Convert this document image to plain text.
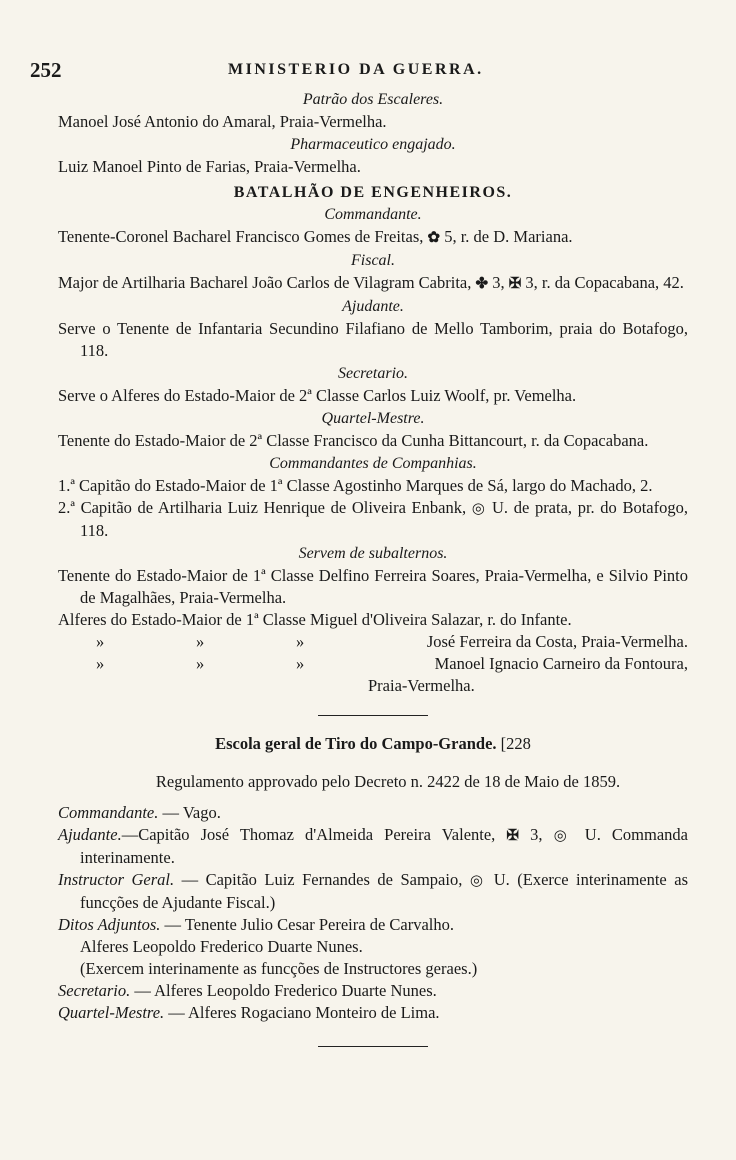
252	MINISTERIO DA GUERRA.
Patrão dos Escaleres.

Manoel José Antonio do Amaral, Praia-Vermelha.

Pharmaceutico engajado.

Luiz Manoel Pinto de Farias, Praia-Vermelha.

BATALHÃO DE ENGENHEIROS.
Commandante.

Tenente-Coronel Bacharel Francisco Gomes de Freitas, ✿ 5, r. de D. Mariana.

Fiscal.

Major de Artilharia Bacharel João Carlos de Vilagram Cabrita, ✤ 3, ✠ 3, r. da Copacabana, 42.

Ajudante.

Serve o Tenente de Infantaria Secundino Filafiano de Mello Tamborim, praia do Botafogo, 118.

Secretario.

Serve o Alferes do Estado-Maior de 2ª Classe Carlos Luiz Woolf, pr. Vemelha.

Quartel-Mestre.

Tenente do Estado-Maior de 2ª Classe Francisco da Cunha Bittancourt, r. da Copacabana.

Commandantes de Companhias.

1.ª Capitão do Estado-Maior de 1ª Classe Agostinho Marques de Sá, largo do Machado, 2.

2.ª Capitão de Artilharia Luiz Henrique de Oliveira Enbank, ◎ U. de prata, pr. do Botafogo, 118.

Servem de subalternos.

Tenente do Estado-Maior de 1ª Classe Delfino Ferreira Soares, Praia-Vermelha, e Silvio Pinto de Magalhães, Praia-Vermelha.

Alferes do Estado-Maior de 1ª Classe Miguel d'Oliveira Salazar, r. do Infante.

»	»	»	José Ferreira da Costa, Praia-Vermelha.
»	»	»	Manoel Ignacio Carneiro da Fontoura,
Praia-Vermelha.
Escola geral de Tiro do Campo-Grande. [228
Regulamento approvado pelo Decreto n. 2422 de 18 de Maio de 1859.

Commandante. — Vago.

Ajudante.—Capitão José Thomaz d'Almeida Pereira Valente, ✠ 3, ◎ U. Commanda interinamente.

Instructor Geral. — Capitão Luiz Fernandes de Sampaio, ◎ U. (Exerce interinamente as funcções de Ajudante Fiscal.)

Ditos Adjuntos. — Tenente Julio Cesar Pereira de Carvalho.

Alferes Leopoldo Frederico Duarte Nunes.

(Exercem interinamente as funcções de Instructores geraes.)

Secretario. — Alferes Leopoldo Frederico Duarte Nunes.

Quartel-Mestre. — Alferes Rogaciano Monteiro de Lima.
